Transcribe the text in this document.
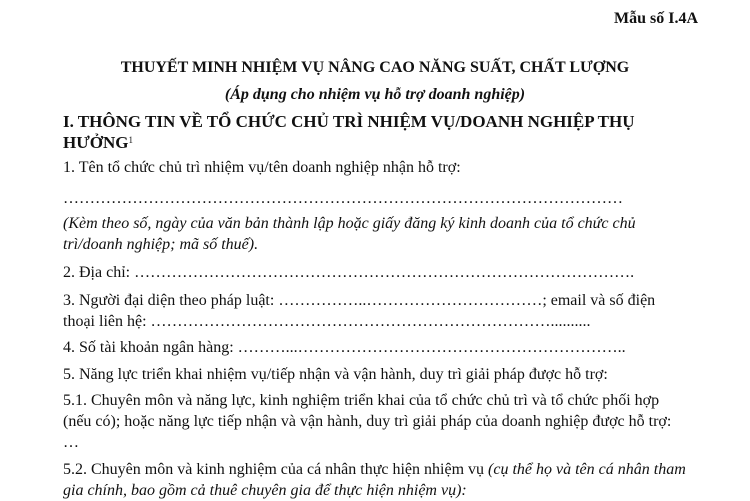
Mẫu số I.4A
THUYẾT MINH NHIỆM VỤ NÂNG CAO NĂNG SUẤT, CHẤT LƯỢNG
(Áp dụng cho nhiệm vụ hỗ trợ doanh nghiệp)
I. THÔNG TIN VỀ TỔ CHỨC CHỦ TRÌ NHIỆM VỤ/DOANH NGHIỆP THỤ HƯỞNG$^1$
1. Tên tổ chức chủ trì nhiệm vụ/tên doanh nghiệp nhận hỗ trợ:
……………………………………………………………………………………………
(Kèm theo số, ngày của văn bản thành lập hoặc giấy đăng ký kinh doanh của tổ chức chủ trì/doanh nghiệp; mã số thuế).
2. Địa chỉ: ………………………………………………………………………………….
3. Người đại diện theo pháp luật: ……………..……………………………; email và số điện thoại liên hệ: …………………………………………………………………..........
4. Số tài khoản ngân hàng: ………...……………………………………………………..
5. Năng lực triển khai nhiệm vụ/tiếp nhận và vận hành, duy trì giải pháp được hỗ trợ:
5.1. Chuyên môn và năng lực, kinh nghiệm triển khai của tổ chức chủ trì và tổ chức phối hợp (nếu có); hoặc năng lực tiếp nhận và vận hành, duy trì giải pháp của doanh nghiệp được hỗ trợ: …
5.2. Chuyên môn và kinh nghiệm của cá nhân thực hiện nhiệm vụ (cụ thể họ và tên cá nhân tham gia chính, bao gồm cả thuê chuyên gia để thực hiện nhiệm vụ):
